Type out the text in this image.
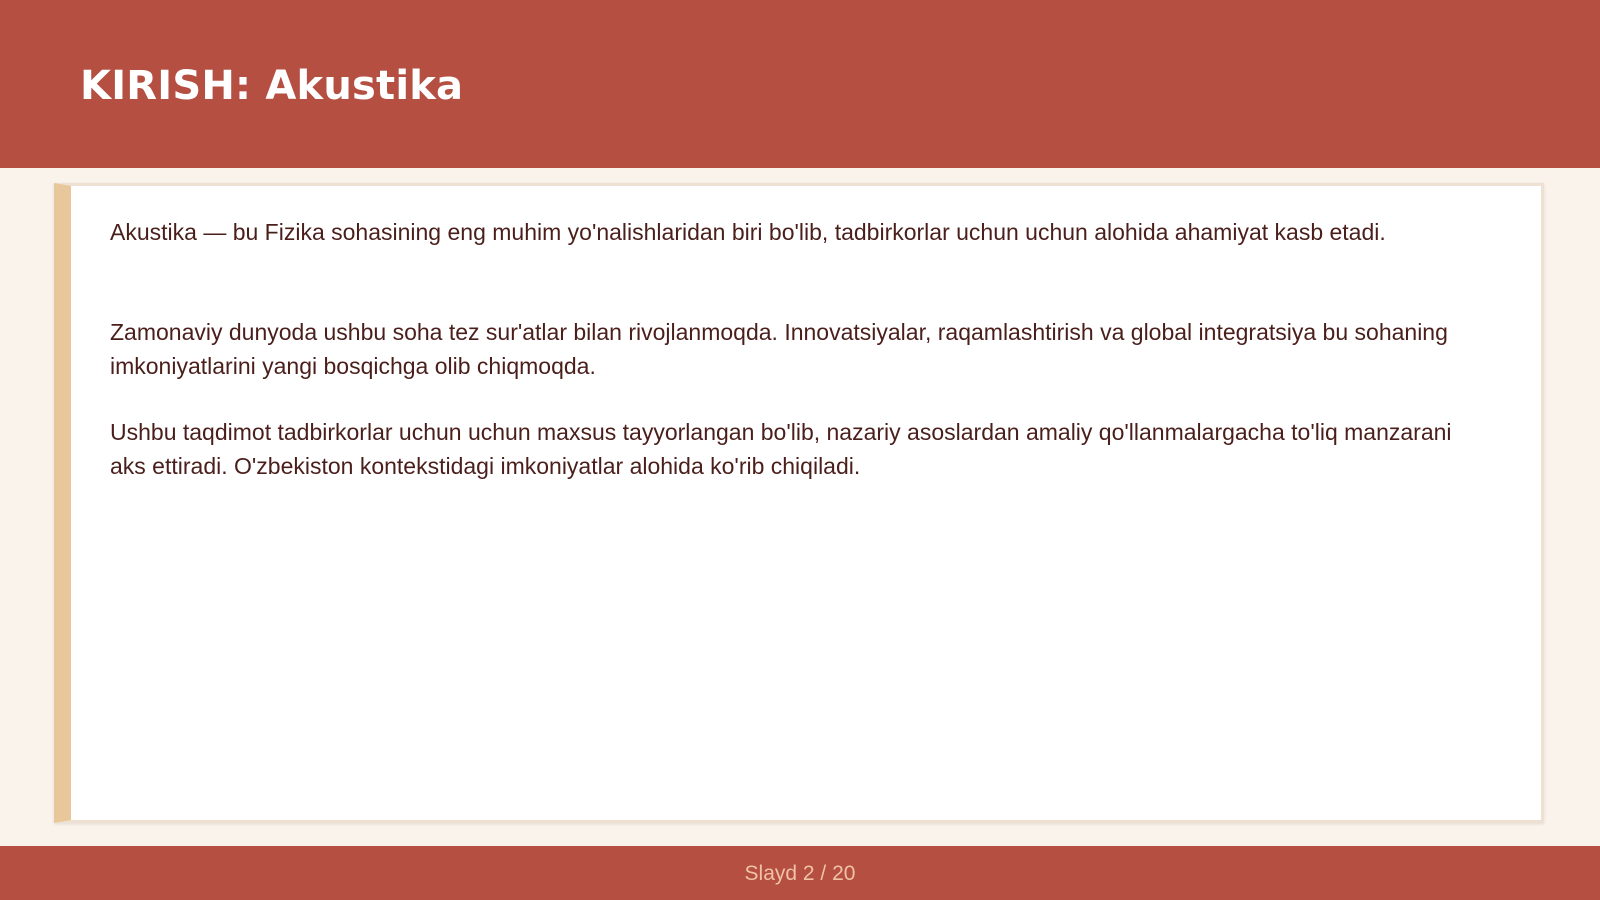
KIRISH: Akustika

Akustika — bu Fizika sohasining eng muhim yo'nalishlaridan biri bo'lib, tadbirkorlar uchun uchun alohida ahamiyat kasb etadi.

Zamonaviy dunyoda ushbu soha tez sur'atlar bilan rivojlanmoqda. Innovatsiyalar, raqamlashtirish va global integratsiya bu sohaning imkoniyatlarini yangi bosqichga olib chiqmoqda.

Ushbu taqdimot tadbirkorlar uchun uchun maxsus tayyorlangan bo'lib, nazariy asoslardan amaliy qo'llanmalargacha to'liq manzarani aks ettiradi. O'zbekiston kontekstidagi imkoniyatlar alohida ko'rib chiqiladi.

Slayd 2 / 20
